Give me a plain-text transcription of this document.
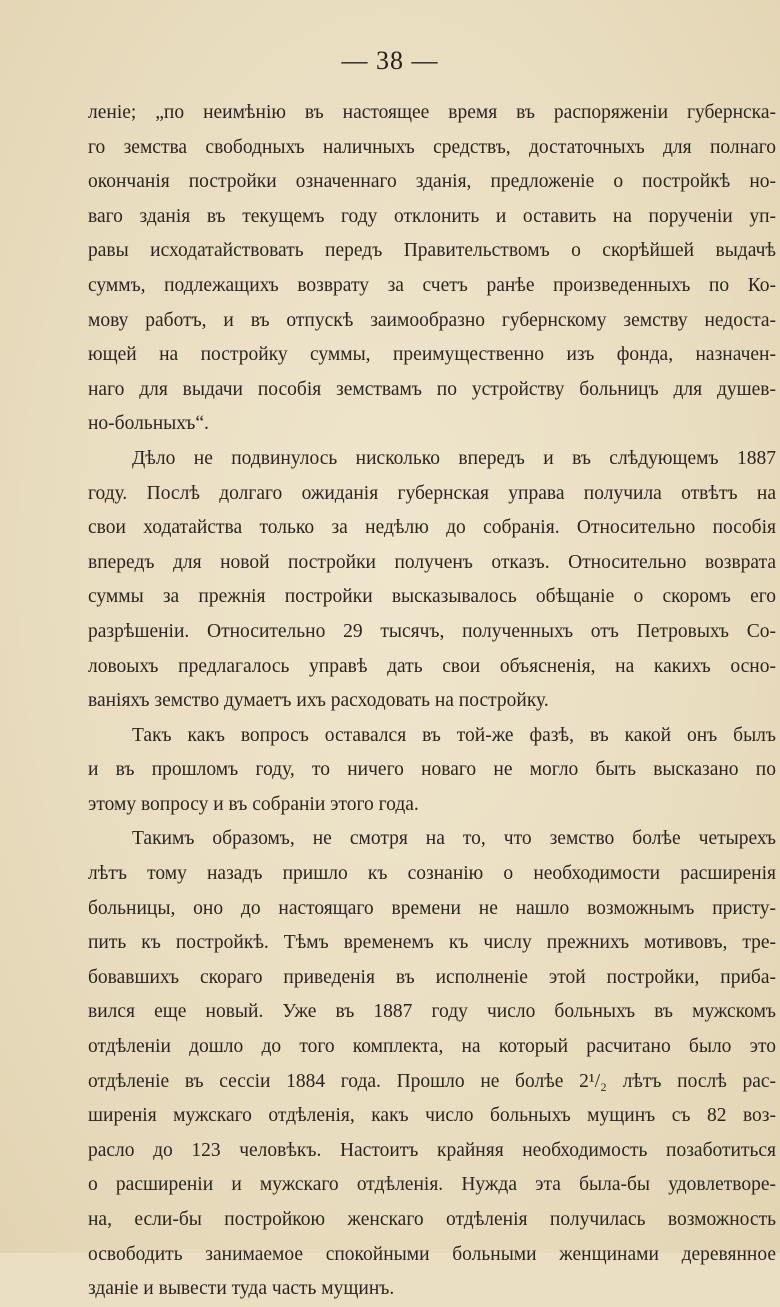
— 38 —
леніе; „по неимѣнію въ настоящее время въ распоряженіи губернска-
го земства свободныхъ наличныхъ средствъ, достаточныхъ для полнаго
окончанія постройки означеннаго зданія, предложеніе о постройкѣ но-
ваго зданія въ текущемъ году отклонить и оставить на порученіи уп-
равы исходатайствовать передъ Правительствомъ о скорѣйшей выдачѣ
суммъ, подлежащихъ возврату за счетъ ранѣе произведенныхъ по Ко-
мову работъ, и въ отпускѣ заимообразно губернскому земству недоста-
ющей на постройку суммы, преимущественно изъ фонда, назначен-
наго для выдачи пособія земствамъ по устройству больницъ для душев-
но-больныхъ“.
Дѣло не подвинулось нисколько впередъ и въ слѣдующемъ 1887
году. Послѣ долгаго ожиданія губернская управа получила отвѣтъ на
свои ходатайства только за недѣлю до собранія. Относительно пособія
впередъ для новой постройки полученъ отказъ. Относительно возврата
суммы за прежнія постройки высказывалось обѣщаніе о скоромъ его
разрѣшеніи. Относительно 29 тысячъ, полученныхъ отъ Петровыхъ Со-
ловоыхъ предлагалось управѣ дать свои объясненія, на какихъ осно-
ваніяхъ земство думаетъ ихъ расходовать на постройку.
Такъ какъ вопросъ оставался въ той-же фазѣ, въ какой онъ былъ
и въ прошломъ году, то ничего новаго не могло быть высказано по
этому вопросу и въ собраніи этого года.
Такимъ образомъ, не смотря на то, что земство болѣе четырехъ
лѣтъ тому назадъ пришло къ сознанію о необходимости расширенія
больницы, оно до настоящаго времени не нашло возможнымъ присту-
пить къ постройкѣ. Тѣмъ временемъ къ числу прежнихъ мотивовъ, тре-
бовавшихъ скораго приведенія въ исполненіе этой постройки, приба-
вился еще новый. Уже въ 1887 году число больныхъ въ мужскомъ
отдѣленіи дошло до того комплекта, на который расчитано было это
отдѣленіе въ сессіи 1884 года. Прошло не болѣе 2¹/₂ лѣтъ послѣ рас-
ширенія мужскаго отдѣленія, какъ число больныхъ мущинъ съ 82 воз-
расло до 123 человѣкъ. Настоитъ крайняя необходимость позаботиться
о расширеніи и мужскаго отдѣленія. Нужда эта была-бы удовлетворе-
на, если-бы постройкою женскаго отдѣленія получилась возможность
освободить занимаемое спокойными больными женщинами деревянное
зданіе и вывести туда часть мущинъ.
